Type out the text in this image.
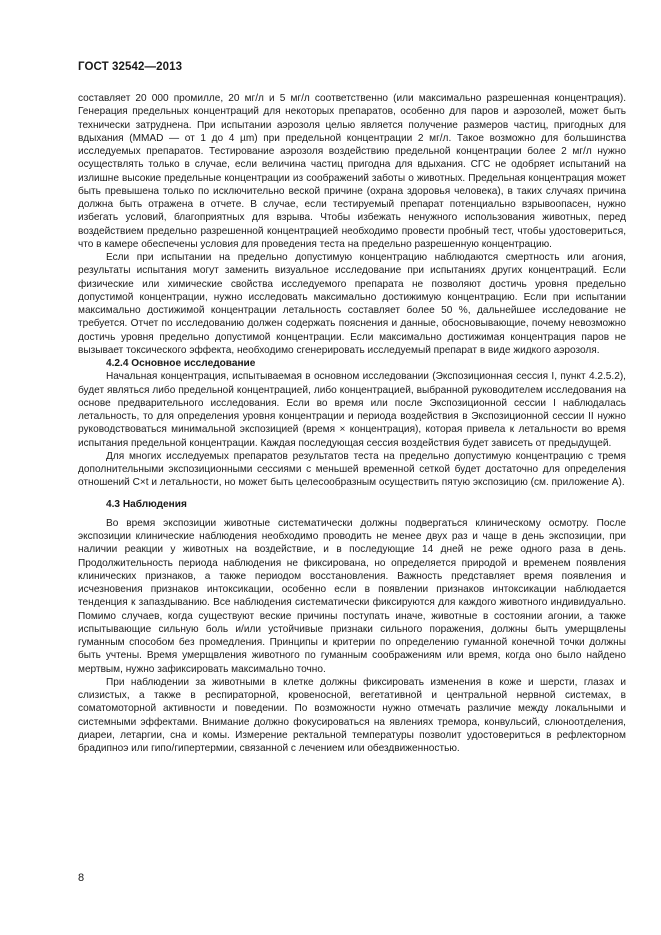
ГОСТ 32542—2013

составляет 20 000 промилле, 20 мг/л и 5 мг/л соответственно (или максимально разрешенная концентрация). Генерация предельных концентраций для некоторых препаратов, особенно для паров и аэрозолей, может быть технически затруднена. При испытании аэрозоля целью является получение размеров частиц, пригодных для вдыхания (MMAD — от 1 до 4 µm) при предельной концентрации 2 мг/л. Такое возможно для большинства исследуемых препаратов. Тестирование аэрозоля воздействию предельной концентрации более 2 мг/л нужно осуществлять только в случае, если величина частиц пригодна для вдыхания. СГС не одобряет испытаний на излишне высокие предельные концентрации из соображений заботы о животных. Предельная концентрация может быть превышена только по исключительно веской причине (охрана здоровья человека), в таких случаях причина должна быть отражена в отчете. В случае, если тестируемый препарат потенциально взрывоопасен, нужно избегать условий, благоприятных для взрыва. Чтобы избежать ненужного использования животных, перед воздействием предельно разрешенной концентрацией необходимо провести пробный тест, чтобы удостовериться, что в камере обеспечены условия для проведения теста на предельно разрешенную концентрацию.

Если при испытании на предельно допустимую концентрацию наблюдаются смертность или агония, результаты испытания могут заменить визуальное исследование при испытаниях других концентраций. Если физические или химические свойства исследуемого препарата не позволяют достичь уровня предельно допустимой концентрации, нужно исследовать максимально достижимую концентрацию. Если при испытании максимально достижимой концентрации летальность составляет более 50 %, дальнейшее исследование не требуется. Отчет по исследованию должен содержать пояснения и данные, обосновывающие, почему невозможно достичь уровня предельно допустимой концентрации. Если максимально достижимая концентрация паров не вызывает токсического эффекта, необходимо сгенерировать исследуемый препарат в виде жидкого аэрозоля.

4.2.4 Основное исследование

Начальная концентрация, испытываемая в основном исследовании (Экспозиционная сессия I, пункт 4.2.5.2), будет являться либо предельной концентрацией, либо концентрацией, выбранной руководителем исследования на основе предварительного исследования. Если во время или после Экспозиционной сессии I наблюдалась летальность, то для определения уровня концентрации и периода воздействия в Экспозиционной сессии II нужно руководствоваться минимальной экспозицией (время × концентрация), которая привела к летальности во время испытания предельной концентрации. Каждая последующая сессия воздействия будет зависеть от предыдущей.

Для многих исследуемых препаратов результатов теста на предельно допустимую концентрацию с тремя дополнительными экспозиционными сессиями с меньшей временной сеткой будет достаточно для определения отношений C×t и летальности, но может быть целесообразным осуществить пятую экспозицию (см. приложение А).

4.3 Наблюдения

Во время экспозиции животные систематически должны подвергаться клиническому осмотру. После экспозиции клинические наблюдения необходимо проводить не менее двух раз и чаще в день экспозиции, при наличии реакции у животных на воздействие, и в последующие 14 дней не реже одного раза в день. Продолжительность периода наблюдения не фиксирована, но определяется природой и временем появления клинических признаков, а также периодом восстановления. Важность представляет время появления и исчезновения признаков интоксикации, особенно если в появлении признаков интоксикации наблюдается тенденция к запаздыванию. Все наблюдения систематически фиксируются для каждого животного индивидуально. Помимо случаев, когда существуют веские причины поступать иначе, животные в состоянии агонии, а также испытывающие сильную боль и/или устойчивые признаки сильного поражения, должны быть умерщвлены гуманным способом без промедления. Принципы и критерии по определению гуманной конечной точки должны быть учтены. Время умерщвления животного по гуманным соображениям или время, когда оно было найдено мертвым, нужно зафиксировать максимально точно.

При наблюдении за животными в клетке должны фиксировать изменения в коже и шерсти, глазах и слизистых, а также в респираторной, кровеносной, вегетативной и центральной нервной системах, в соматомоторной активности и поведении. По возможности нужно отмечать различие между локальными и системными эффектами. Внимание должно фокусироваться на явлениях тремора, конвульсий, слюноотделения, диареи, летаргии, сна и комы. Измерение ректальной температуры позволит удостовериться в рефлекторном брадипноэ или гипо/гипертермии, связанной с лечением или обездвиженностью.

8
